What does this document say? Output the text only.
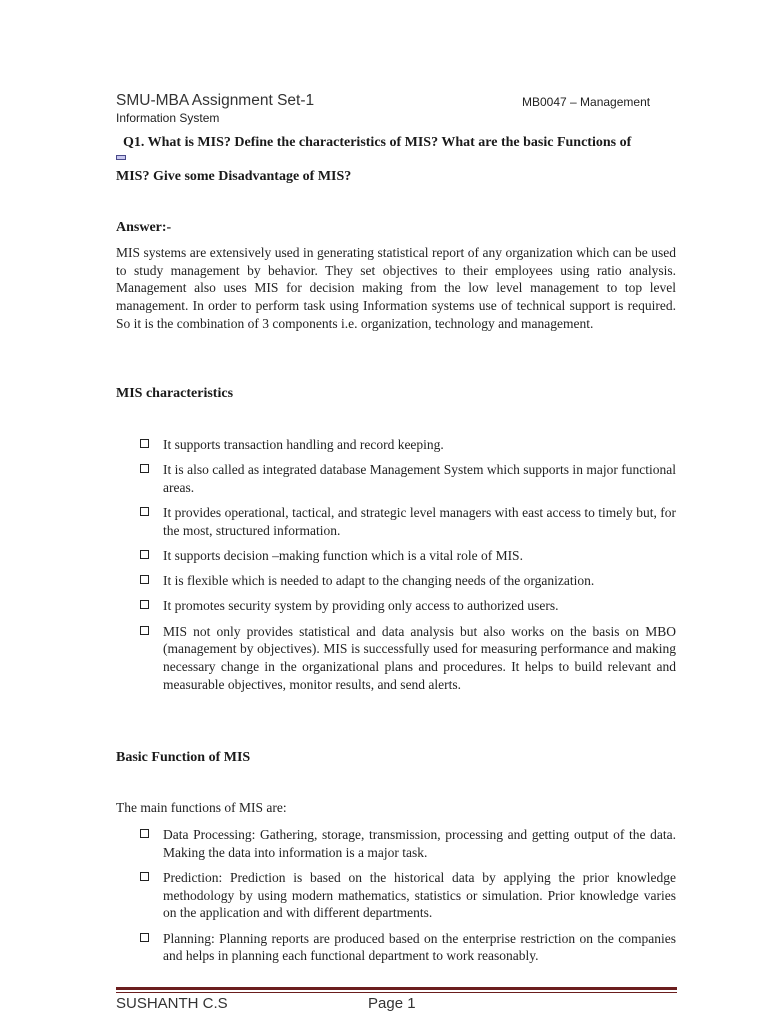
SMU-MBA Assignment Set-1	MB0047 – Management
Information System
Q1. What is MIS? Define the characteristics of MIS? What are the basic Functions of
MIS? Give some Disadvantage of MIS?
Answer:-
MIS systems are extensively used in generating statistical report of any organization which can be used to study management by behavior. They set objectives to their employees using ratio analysis. Management also uses MIS for decision making from the low level management to top level management. In order to perform task using Information systems use of technical support is required. So it is the combination of 3 components i.e. organization, technology and management.
MIS characteristics
It supports transaction handling and record keeping.
It is also called as integrated database Management System which supports in major functional areas.
It provides operational, tactical, and strategic level managers with east access to timely but, for the most, structured information.
It supports decision –making function which is a vital role of MIS.
It is flexible which is needed to adapt to the changing needs of the organization.
It promotes security system by providing only access to authorized users.
MIS not only provides statistical and data analysis but also works on the basis on MBO (management by objectives). MIS is successfully used for measuring performance and making necessary change in the organizational plans and procedures. It helps to build relevant and measurable objectives, monitor results, and send alerts.
Basic Function of MIS
The main functions of MIS are:
Data Processing: Gathering, storage, transmission, processing and getting output of the data. Making the data into information is a major task.
Prediction: Prediction is based on the historical data by applying the prior knowledge methodology by using modern mathematics, statistics or simulation. Prior knowledge varies on the application and with different departments.
Planning: Planning reports are produced based on the enterprise restriction on the companies and helps in planning each functional department to work reasonably.
SUSHANTH C.S	Page 1
